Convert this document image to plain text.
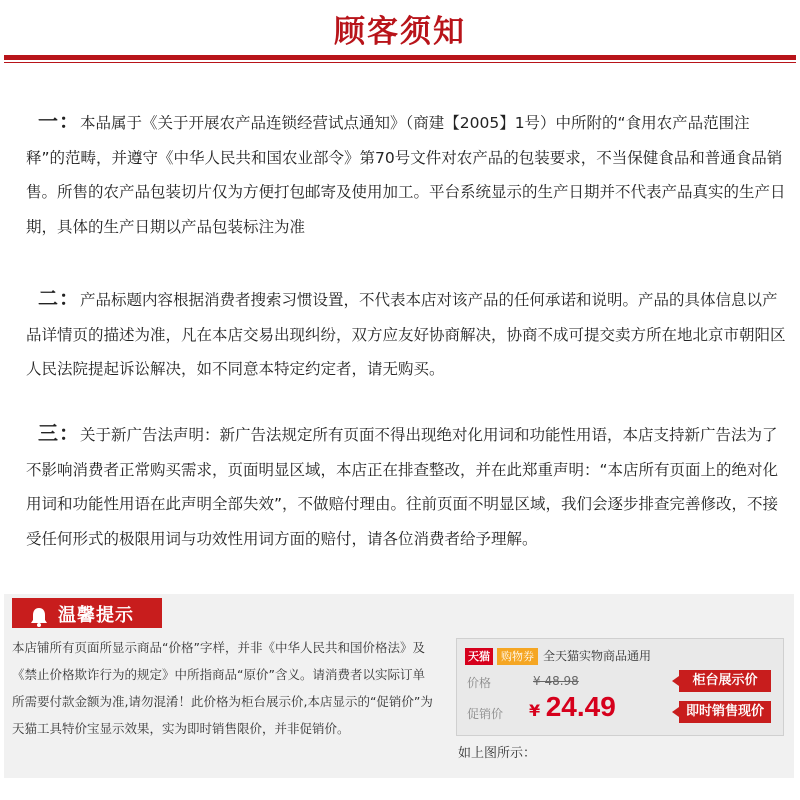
顾客须知
一：本品属于《关于开展农产品连锁经营试点通知》（商建【2005】1号）中所附的“食用农产品范围注释”的范畴，并遵守《中华人民共和国农业部令》第70号文件对农产品的包装要求，不当保健食品和普通食品销售。所售的农产品包装切片仅为方便打包邮寄及使用加工。平台系统显示的生产日期并不代表产品真实的生产日期，具体的生产日期以产品包装标注为准
二：产品标题内容根据消费者搜索习惯设置，不代表本店对该产品的任何承诺和说明。产品的具体信息以产品详情页的描述为准，凡在本店交易出现纠纷，双方应友好协商解决，协商不成可提交卖方所在地北京市朝阳区人民法院提起诉讼解决，如不同意本特定约定者，请无购买。
三：关于新广告法声明：新广告法规定所有页面不得出现绝对化用词和功能性用语，本店支持新广告法为了不影响消费者正常购买需求，页面明显区域，本店正在排查整改，并在此郑重声明：“本店所有页面上的绝对化用词和功能性用语在此声明全部失效”，不做赔付理由。往前页面不明显区域，我们会逐步排查完善修改，不接受任何形式的极限用词与功效性用词方面的赔付，请各位消费者给予理解。
温馨提示
本店铺所有页面所显示商品“价格”字样，并非《中华人民共和国价格法》及《禁止价格欺诈行为的规定》中所指商品“原价”含义。请消费者以实际订单所需要付款金额为准,请勿混淆！此价格为柜台展示价,本店显示的“促销价”为天猫工具特价宝显示效果，实为即时销售限价，并非促销价。
天猫	购物券 全天猫实物商品通用
价格	¥ 48.98
促销价 ¥ 24.49
柜台展示价
即时销售现价
如上图所示：
